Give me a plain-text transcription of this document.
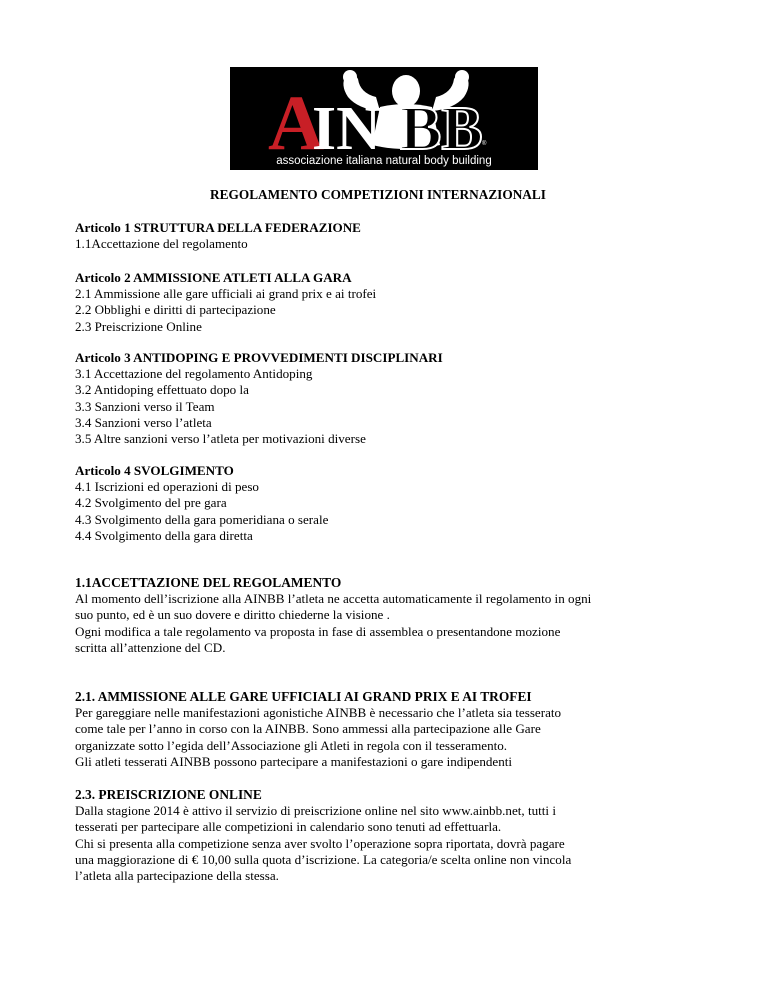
A
IN BB ®
associazione italiana natural body building
REGOLAMENTO COMPETIZIONI INTERNAZIONALI
Articolo 1 STRUTTURA DELLA FEDERAZIONE
1.1Accettazione del regolamento
Articolo 2 AMMISSIONE ATLETI ALLA GARA
2.1 Ammissione alle gare ufficiali ai grand prix e ai trofei
2.2 Obblighi e diritti di partecipazione
2.3 Preiscrizione Online
Articolo 3 ANTIDOPING E PROVVEDIMENTI DISCIPLINARI
3.1 Accettazione del regolamento Antidoping
3.2 Antidoping effettuato dopo la
3.3 Sanzioni verso il Team
3.4 Sanzioni verso l’atleta
3.5 Altre sanzioni verso l’atleta per motivazioni diverse
Articolo 4 SVOLGIMENTO
4.1 Iscrizioni ed operazioni di peso
4.2 Svolgimento del pre gara
4.3 Svolgimento della gara pomeridiana o serale
4.4 Svolgimento della gara diretta
1.1ACCETTAZIONE DEL REGOLAMENTO
Al momento dell’iscrizione alla AINBB l’atleta ne accetta automaticamente il regolamento in ogni
suo punto, ed è un suo dovere e diritto chiederne la visione .
Ogni modifica a tale regolamento va proposta in fase di assemblea o presentandone mozione
scritta all’attenzione del CD.
2.1. AMMISSIONE ALLE GARE UFFICIALI AI GRAND PRIX E AI TROFEI
Per gareggiare nelle manifestazioni agonistiche AINBB è necessario che l’atleta sia tesserato
come tale per l’anno in corso con la AINBB. Sono ammessi alla partecipazione alle Gare
organizzate sotto l’egida dell’Associazione gli Atleti in regola con il tesseramento.
Gli atleti tesserati AINBB possono partecipare a manifestazioni o gare indipendenti
2.3. PREISCRIZIONE ONLINE
Dalla stagione 2014 è attivo il servizio di preiscrizione online nel sito www.ainbb.net, tutti i
tesserati per partecipare alle competizioni in calendario sono tenuti ad effettuarla.
Chi si presenta alla competizione senza aver svolto l’operazione sopra riportata, dovrà pagare
una maggiorazione di € 10,00 sulla quota d’iscrizione. La categoria/e scelta online non vincola
l’atleta alla partecipazione della stessa.
